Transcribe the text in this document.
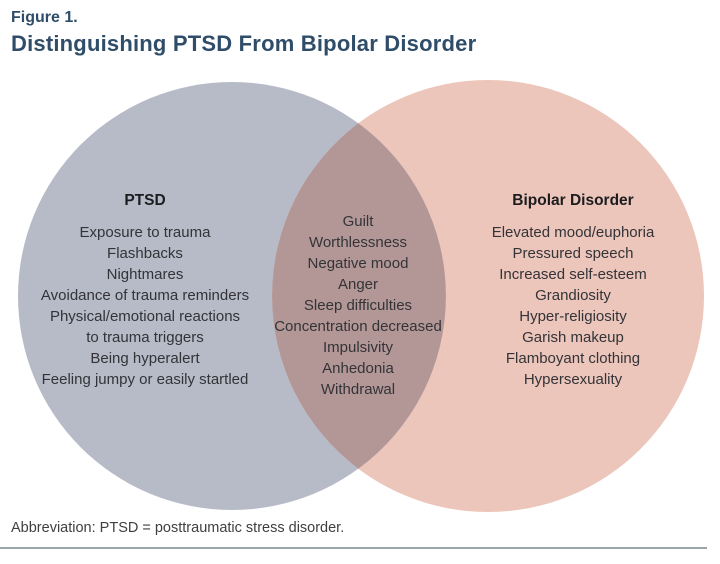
Figure 1.
Distinguishing PTSD From Bipolar Disorder
PTSD
Exposure to trauma
Flashbacks
Nightmares
Avoidance of trauma reminders
Physical/emotional reactions
to trauma triggers
Being hyperalert
Feeling jumpy or easily startled
Guilt
Worthlessness
Negative mood
Anger
Sleep difficulties
Concentration decreased
Impulsivity
Anhedonia
Withdrawal
Bipolar Disorder
Elevated mood/euphoria
Pressured speech
Increased self-esteem
Grandiosity
Hyper-religiosity
Garish makeup
Flamboyant clothing
Hypersexuality
Abbreviation: PTSD = posttraumatic stress disorder.
